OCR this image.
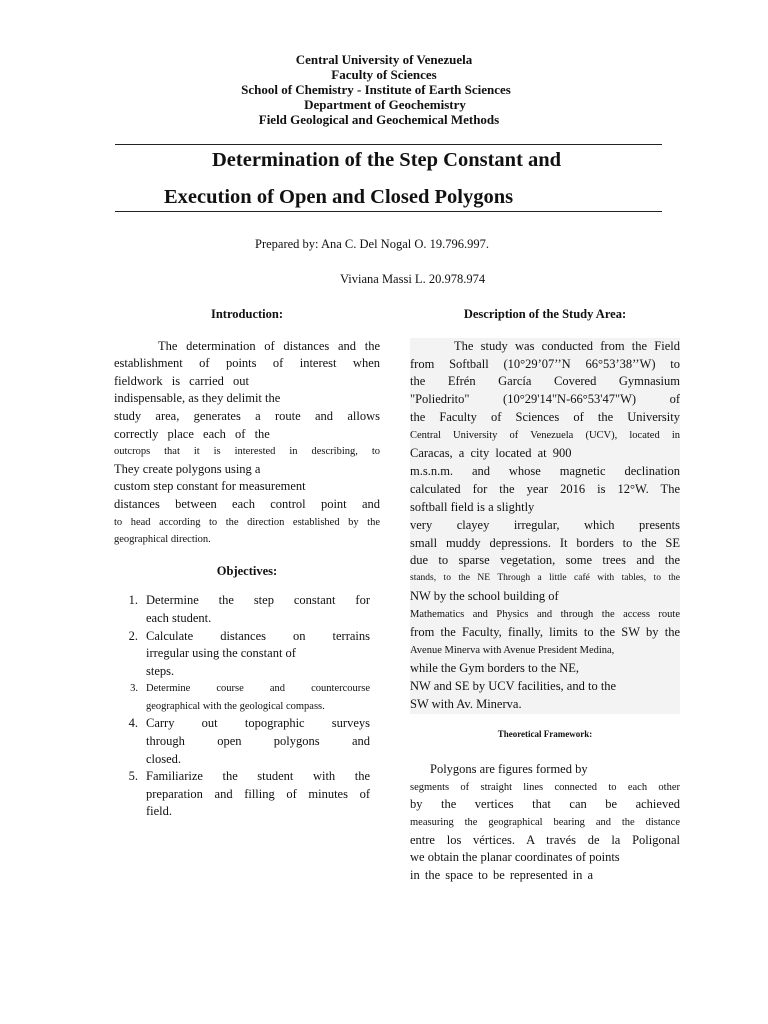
Central University of Venezuela
Faculty of Sciences
School of Chemistry - Institute of Earth Sciences
Department of Geochemistry
Field Geological and Geochemical Methods
Determination of the Step Constant and
Execution of Open and Closed Polygons
Prepared by: Ana C. Del Nogal O. 19.796.997.
Viviana Massi L. 20.978.974
Introduction:
The determination of distances and the
establishment of points of interest when
fieldwork is carried out
indispensable, as they delimit the
study area, generates a route and allows
correctly place each of the
outcrops that it is interested in describing, to
They create polygons using a
custom step constant for measurement
distances between each control point and
to head according to the direction established by the
geographical direction.
Objectives:
1. Determine the step constant for
each student.
2. Calculate distances on terrains
irregular using the constant of
steps.
3. Determine course and countercourse
geographical with the geological compass.
4. Carry out topographic surveys
through open polygons and
closed.
5. Familiarize the student with the
preparation and filling of minutes of
field.
Description of the Study Area:
The study was conducted from the Field
from Softball (10°29’07’’N 66°53’38’’W) to
the Efrén García Covered Gymnasium
"Poliedrito" (10°29'14"N-66°53'47"W) of
the Faculty of Sciences of the University
Central University of Venezuela (UCV), located in
Caracas, a city located at 900
m.s.n.m. and whose magnetic declination
calculated for the year 2016 is 12°W. The
softball field is a slightly
very clayey irregular, which presents
small muddy depressions. It borders to the SE
due to sparse vegetation, some trees and the
stands, to the NE Through a little café with tables, to the
NW by the school building of
Mathematics and Physics and through the access route
from the Faculty, finally, limits to the SW by the
Avenue Minerva with Avenue President Medina,
while the Gym borders to the NE,
NW and SE by UCV facilities, and to the
SW with Av. Minerva.
Theoretical Framework:
Polygons are figures formed by
segments of straight lines connected to each other
by the vertices that can be achieved
measuring the geographical bearing and the distance
entre los vértices. A través de la Poligonal
we obtain the planar coordinates of points
in the space to be represented in a
